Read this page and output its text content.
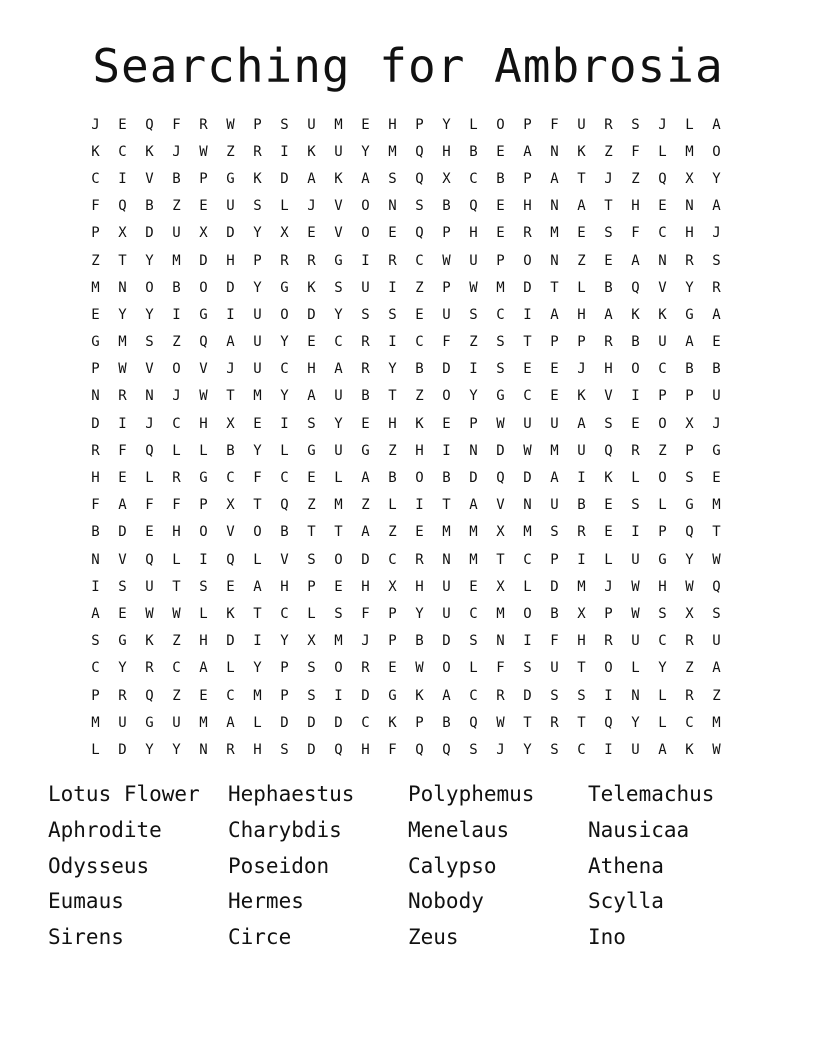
Searching for Ambrosia
J	E	Q	F	R	W	P	S	U	M	E	H	P	Y	L	O	P	F	U	R	S	J	L	A
K	C	K	J	W	Z	R	I	K	U	Y	M	Q	H	B	E	A	N	K	Z	F	L	M	O
C	I	V	B	P	G	K	D	A	K	A	S	Q	X	C	B	P	A	T	J	Z	Q	X	Y
F	Q	B	Z	E	U	S	L	J	V	O	N	S	B	Q	E	H	N	A	T	H	E	N	A
P	X	D	U	X	D	Y	X	E	V	O	E	Q	P	H	E	R	M	E	S	F	C	H	J
Z	T	Y	M	D	H	P	R	R	G	I	R	C	W	U	P	O	N	Z	E	A	N	R	S
M	N	O	B	O	D	Y	G	K	S	U	I	Z	P	W	M	D	T	L	B	Q	V	Y	R
E	Y	Y	I	G	I	U	O	D	Y	S	S	E	U	S	C	I	A	H	A	K	K	G	A
G	M	S	Z	Q	A	U	Y	E	C	R	I	C	F	Z	S	T	P	P	R	B	U	A	E
P	W	V	O	V	J	U	C	H	A	R	Y	B	D	I	S	E	E	J	H	O	C	B	B
N	R	N	J	W	T	M	Y	A	U	B	T	Z	O	Y	G	C	E	K	V	I	P	P	U
D	I	J	C	H	X	E	I	S	Y	E	H	K	E	P	W	U	U	A	S	E	O	X	J
R	F	Q	L	L	B	Y	L	G	U	G	Z	H	I	N	D	W	M	U	Q	R	Z	P	G
H	E	L	R	G	C	F	C	E	L	A	B	O	B	D	Q	D	A	I	K	L	O	S	E
F	A	F	F	P	X	T	Q	Z	M	Z	L	I	T	A	V	N	U	B	E	S	L	G	M
B	D	E	H	O	V	O	B	T	T	A	Z	E	M	M	X	M	S	R	E	I	P	Q	T
N	V	Q	L	I	Q	L	V	S	O	D	C	R	N	M	T	C	P	I	L	U	G	Y	W
I	S	U	T	S	E	A	H	P	E	H	X	H	U	E	X	L	D	M	J	W	H	W	Q
A	E	W	W	L	K	T	C	L	S	F	P	Y	U	C	M	O	B	X	P	W	S	X	S
S	G	K	Z	H	D	I	Y	X	M	J	P	B	D	S	N	I	F	H	R	U	C	R	U
C	Y	R	C	A	L	Y	P	S	O	R	E	W	O	L	F	S	U	T	O	L	Y	Z	A
P	R	Q	Z	E	C	M	P	S	I	D	G	K	A	C	R	D	S	S	I	N	L	R	Z
M	U	G	U	M	A	L	D	D	D	C	K	P	B	Q	W	T	R	T	Q	Y	L	C	M
L	D	Y	Y	N	R	H	S	D	Q	H	F	Q	Q	S	J	Y	S	C	I	U	A	K	W
Lotus Flower	Hephaestus	Polyphemus	Telemachus
Aphrodite	Charybdis	Menelaus	Nausicaa
Odysseus	Poseidon	Calypso	Athena
Eumaus	Hermes	Nobody	Scylla
Sirens	Circe	Zeus	Ino
